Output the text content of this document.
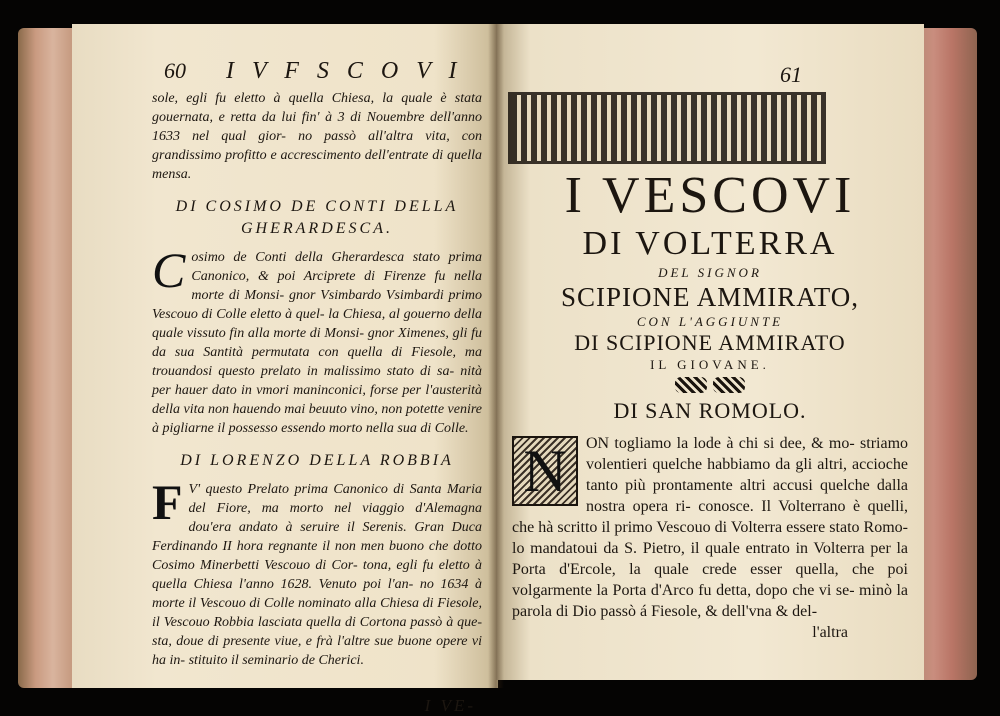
60 I V F S C O V I

sole, egli fu eletto à quella Chiesa, la quale è stata gouernata, e retta da lui fin' à 3 di Nouembre dell'anno 1633 nel qual gior- no passò all'altra vita, con grandissimo profitto e accrescimento dell'entrate di quella mensa.

DI COSIMO DE CONTI DELLA
GHERARDESCA.

Cosimo de Conti della Gherardesca stato prima Canonico, & poi Arciprete di Firenze fu nella morte di Monsi- gnor Vsimbardo Vsimbardi primo Vescouo di Colle eletto à quel- la Chiesa, al gouerno della quale vissuto fin alla morte di Monsi- gnor Ximenes, gli fu da sua Santità permutata con quella di Fiesole, ma trouandosi questo prelato in malissimo stato di sa- nità per hauer dato in vmori maninconici, forse per l'austerità della vita non hauendo mai beuuto vino, non potette venire à pigliarne il possesso essendo morto nella sua di Colle.

DI LORENZO DELLA ROBBIA

F V' questo Prelato prima Canonico di Santa Maria del Fiore, ma morto nel viaggio d'Alemagna dou'era andato à seruire il Serenis. Gran Duca Ferdinando II hora regnante il non men buono che dotto Cosimo Minerbetti Vescouo di Cor- tona, egli fu eletto à quella Chiesa l'anno 1628. Venuto poi l'an- no 1634 à morte il Vescouo di Colle nominato alla Chiesa di Fiesole, il Vescouo Robbia lasciata quella di Cortona passò à que- sta, doue di presente viue, e frà l'altre sue buone opere vi ha in- stituito il seminario de Cherici.

I VE-
61
I VESCOVI
DI VOLTERRA
DEL SIGNOR
SCIPIONE AMMIRATO,
CON L'AGGIUNTE
DI SCIPIONE AMMIRATO
IL GIOVANE.
DI SAN ROMOLO.
N	ON togliamo la lode à chi si dee, & mo- striamo volentieri quelche habbiamo da gli altri, accioche tanto più prontamente altri accusi quelche dalla nostra opera ri- conosce. Il Volterrano è quelli, che hà scritto il primo Vescouo di Volterra essere stato Romo- lo mandatoui da S. Pietro, il quale entrato in Volterra per la Porta d'Ercole, la quale crede esser quella, che poi volgarmente la Porta d'Arco fu detta, dopo che vi se- minò la parola di Dio passò á Fiesole, & dell'vna & del-
l'altra
